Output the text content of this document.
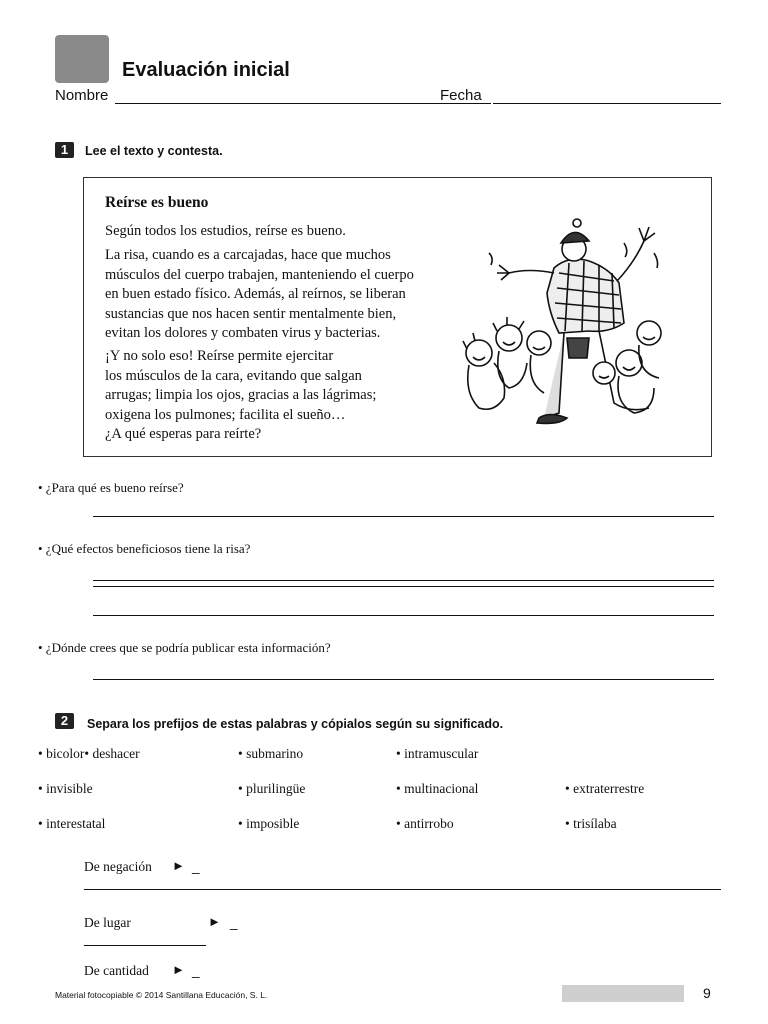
Evaluación inicial
Nombre	Fecha
1	Lee el texto y contesta.
Reírse es bueno
Según todos los estudios, reírse es bueno.
La risa, cuando es a carcajadas, hace que muchos
músculos del cuerpo trabajen, manteniendo el cuerpo
en buen estado físico. Además, al reírnos, se liberan
sustancias que nos hacen sentir mentalmente bien,
evitan los dolores y combaten virus y bacterias.
¡Y no solo eso! Reírse permite ejercitar
los músculos de la cara, evitando que salgan
arrugas; limpia los ojos, gracias a las lágrimas;
oxigena los pulmones; facilita el sueño…
¿A qué esperas para reírte?
• ¿Para qué es bueno reírse?
• ¿Qué efectos beneficiosos tiene la risa?
• ¿Dónde crees que se podría publicar esta información?
2	Separa los prefijos de estas palabras y cópialos según su significado.
• bicolor• deshacer	• submarino	• intramuscular
• invisible	• plurilingüe	• multinacional	• extraterrestre
• interestatal	• imposible	• antirrobo	• trisílaba
De negación ► _
De lugar	► _
De cantidad ► _
Material fotocopiable © 2014 Santillana Educación, S. L.	9
